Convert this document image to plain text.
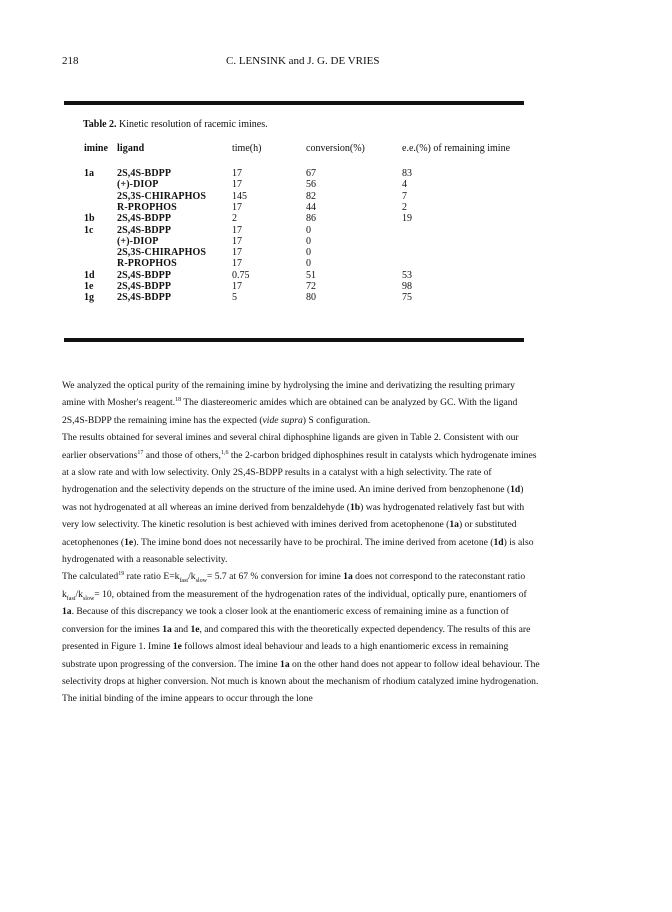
218	C. LENSINK and J. G. DE VRIES
Table 2. Kinetic resolution of racemic imines.
imine ligand	time(h)	conversion(%)	e.e.(%) of remaining imine
1a 2S,4S-BDPP	17	67	83
(+)-DIOP	17	56	4
2S,3S-CHIRAPHOS	145	82	7
R-PROPHOS	17	44	2
1b 2S,4S-BDPP	2	86	19
1c 2S,4S-BDPP	17	0
(+)-DIOP	17	0
2S,3S-CHIRAPHOS	17	0
R-PROPHOS	17	0
1d 2S,4S-BDPP	0.75	51	53
1e 2S,4S-BDPP	17	72	98
1g 2S,4S-BDPP	5	80	75

We analyzed the optical purity of the remaining imine by hydrolysing the imine and derivatizing the resulting primary amine with Mosher's reagent.$^{18}$ The diastereomeric amides which are obtained can be analyzed by GC. With the ligand 2S,4S-BDPP the remaining imine has the expected (vide supra) S configuration.

The results obtained for several imines and several chiral diphosphine ligands are given in Table 2. Consistent with our earlier observations$^{17}$ and those of others,$^{1,6}$ the 2-carbon bridged diphosphines result in catalysts which hydrogenate imines at a slow rate and with low selectivity. Only 2S,4S-BDPP results in a catalyst with a high selectivity. The rate of hydrogenation and the selectivity depends on the structure of the imine used. An imine derived from benzophenone (1d) was not hydrogenated at all whereas an imine derived from benzaldehyde (1b) was hydrogenated relatively fast but with very low selectivity. The kinetic resolution is best achieved with imines derived from acetophenone (1a) or substituted acetophenones (1e). The imine bond does not necessarily have to be prochiral. The imine derived from acetone (1d) is also hydrogenated with a reasonable selectivity.

The calculated$^{19}$ rate ratio $E=k_{fast}/k_{slow}= 5.7$ at 67 % conversion for imine 1a does not correspond to the rateconstant ratio $k_{fast}/k_{slow}= 10$, obtained from the measurement of the hydrogenation rates of the individual, optically pure, enantiomers of 1a. Because of this discrepancy we took a closer look at the enantiomeric excess of remaining imine as a function of conversion for the imines 1a and 1e, and compared this with the theoretically expected dependency. The results of this are presented in Figure 1. Imine 1e follows almost ideal behaviour and leads to a high enantiomeric excess in remaining substrate upon progressing of the conversion. The imine 1a on the other hand does not appear to follow ideal behaviour. The selectivity drops at higher conversion. Not much is known about the mechanism of rhodium catalyzed imine hydrogenation. The initial binding of the imine appears to occur through the lone
